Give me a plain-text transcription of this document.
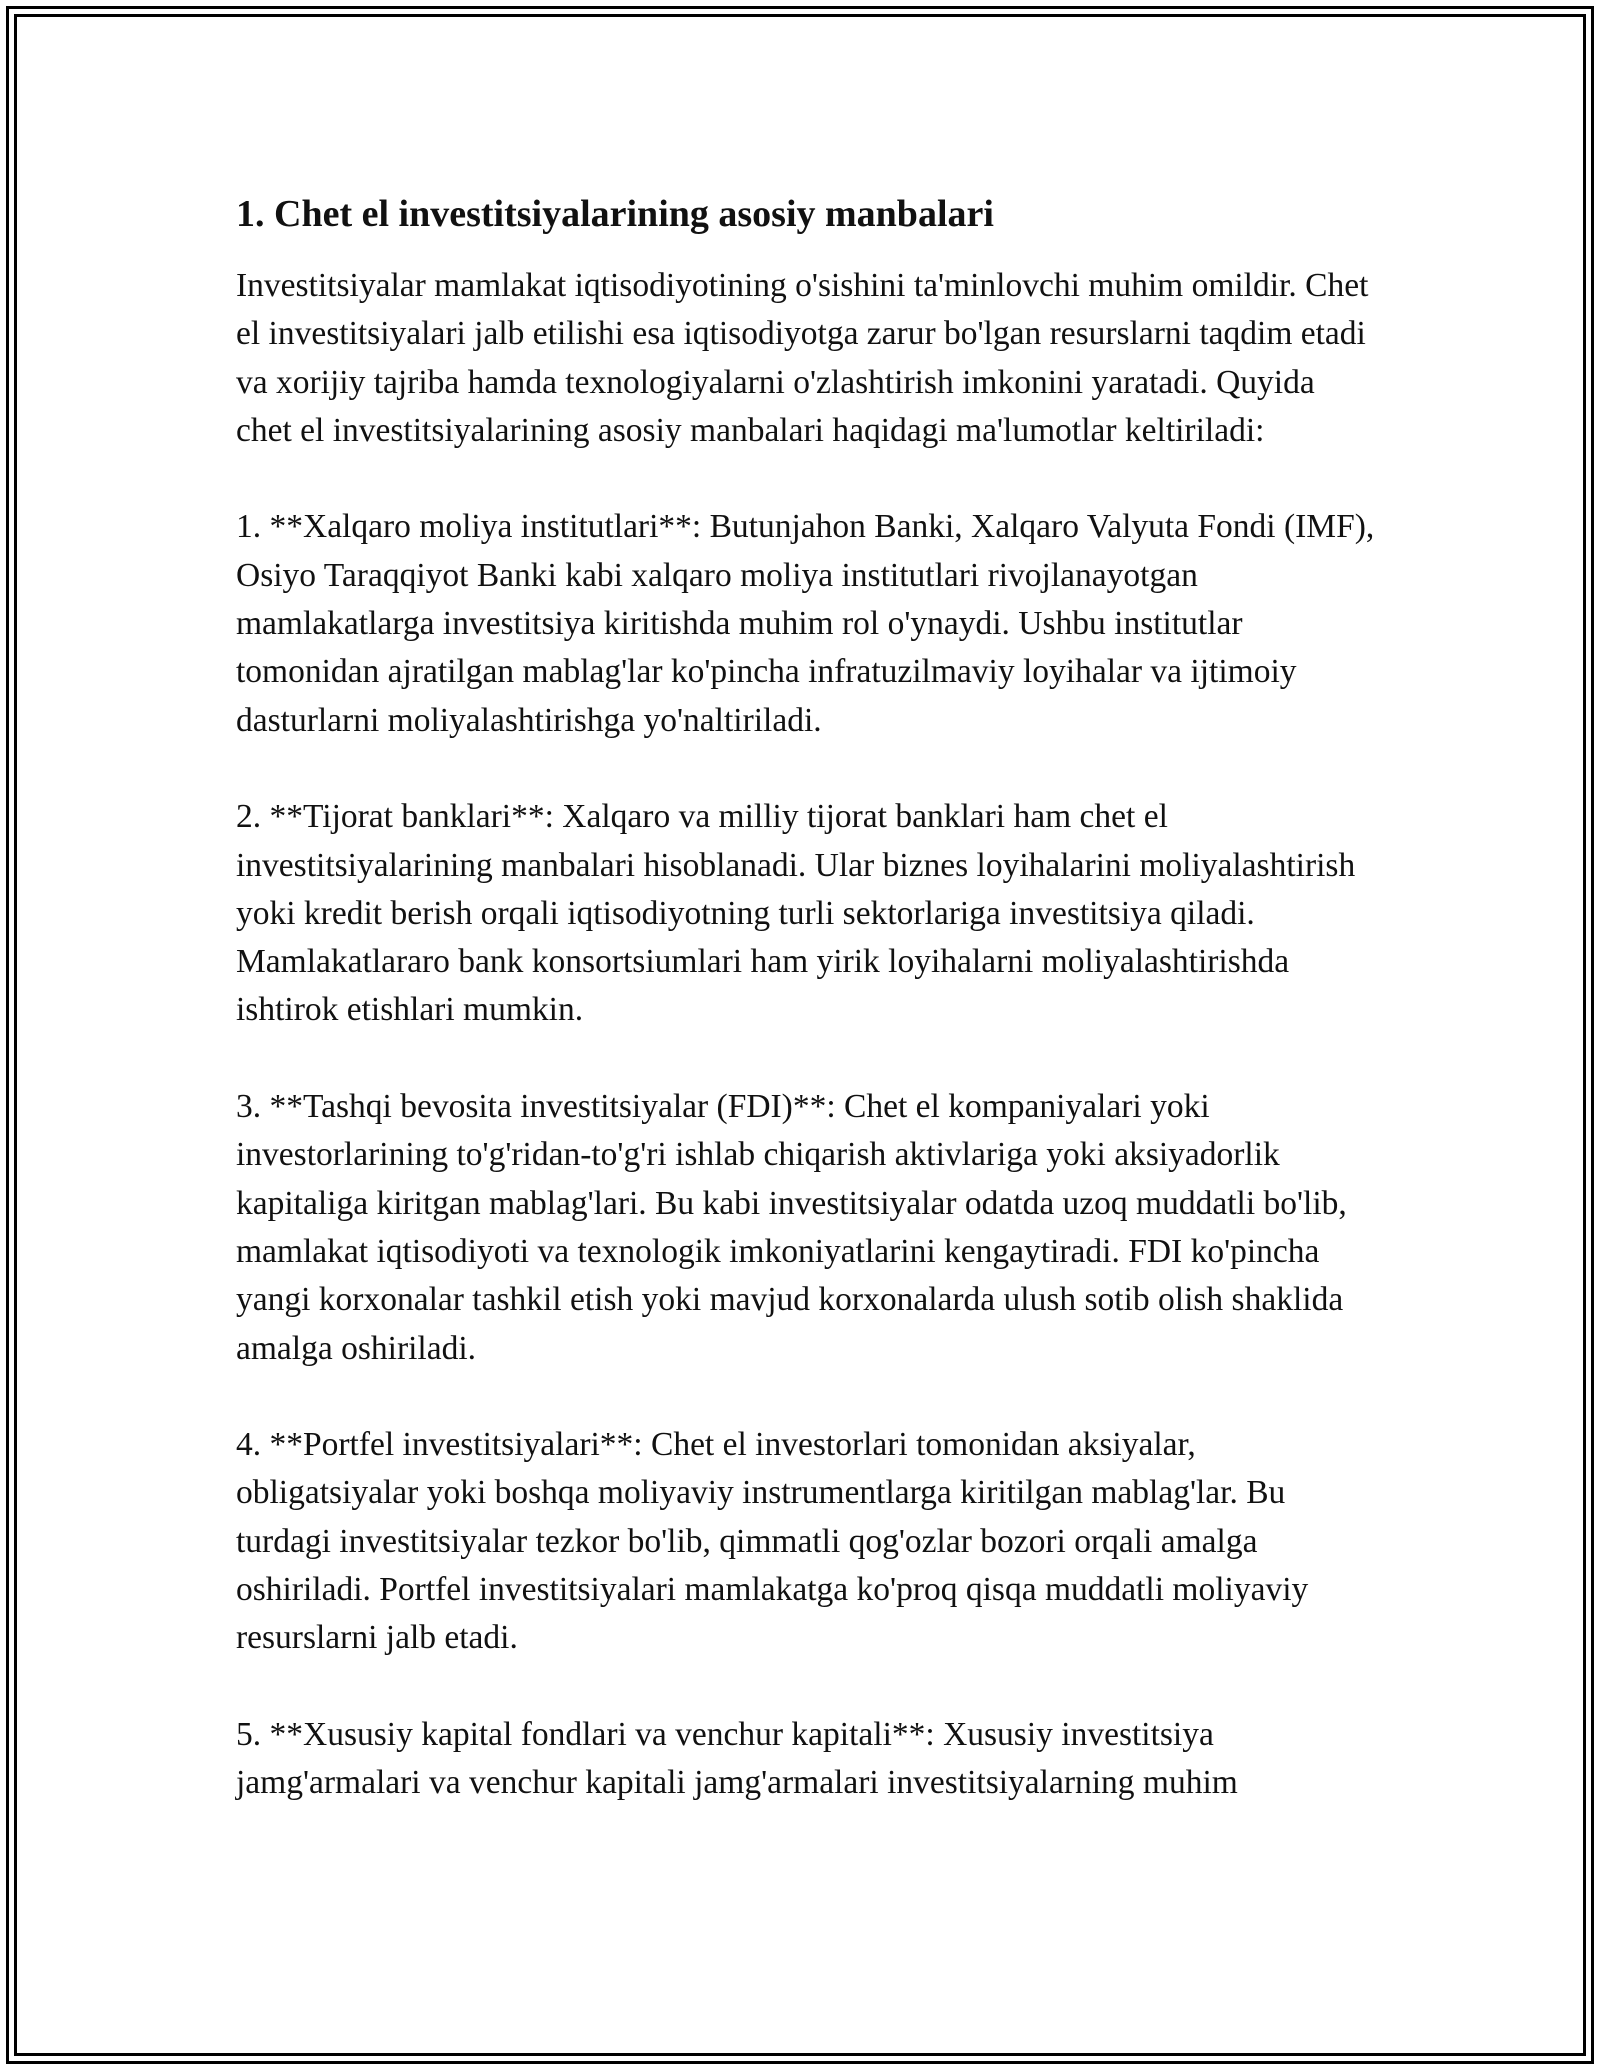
1. Chet el investitsiyalarining asosiy manbalari

Investitsiyalar mamlakat iqtisodiyotining o'sishini ta'minlovchi muhim omildir. Chet el investitsiyalari jalb etilishi esa iqtisodiyotga zarur bo'lgan resurslarni taqdim etadi va xorijiy tajriba hamda texnologiyalarni o'zlashtirish imkonini yaratadi. Quyida chet el investitsiyalarining asosiy manbalari haqidagi ma'lumotlar keltiriladi:

1. **Xalqaro moliya institutlari**: Butunjahon Banki, Xalqaro Valyuta Fondi (IMF), Osiyo Taraqqiyot Banki kabi xalqaro moliya institutlari rivojlanayotgan mamlakatlarga investitsiya kiritishda muhim rol o'ynaydi. Ushbu institutlar tomonidan ajratilgan mablag'lar ko'pincha infratuzilmaviy loyihalar va ijtimoiy dasturlarni moliyalashtirishga yo'naltiriladi.

2. **Tijorat banklari**: Xalqaro va milliy tijorat banklari ham chet el investitsiyalarining manbalari hisoblanadi. Ular biznes loyihalarini moliyalashtirish yoki kredit berish orqali iqtisodiyotning turli sektorlariga investitsiya qiladi. Mamlakatlararo bank konsortsiumlari ham yirik loyihalarni moliyalashtirishda ishtirok etishlari mumkin.

3. **Tashqi bevosita investitsiyalar (FDI)**: Chet el kompaniyalari yoki investorlarining to'g'ridan-to'g'ri ishlab chiqarish aktivlariga yoki aksiyadorlik kapitaliga kiritgan mablag'lari. Bu kabi investitsiyalar odatda uzoq muddatli bo'lib, mamlakat iqtisodiyoti va texnologik imkoniyatlarini kengaytiradi. FDI ko'pincha yangi korxonalar tashkil etish yoki mavjud korxonalarda ulush sotib olish shaklida amalga oshiriladi.

4. **Portfel investitsiyalari**: Chet el investorlari tomonidan aksiyalar, obligatsiyalar yoki boshqa moliyaviy instrumentlarga kiritilgan mablag'lar. Bu turdagi investitsiyalar tezkor bo'lib, qimmatli qog'ozlar bozori orqali amalga oshiriladi. Portfel investitsiyalari mamlakatga ko'proq qisqa muddatli moliyaviy resurslarni jalb etadi.

5. **Xususiy kapital fondlari va venchur kapitali**: Xususiy investitsiya jamg'armalari va venchur kapitali jamg'armalari investitsiyalarning muhim
